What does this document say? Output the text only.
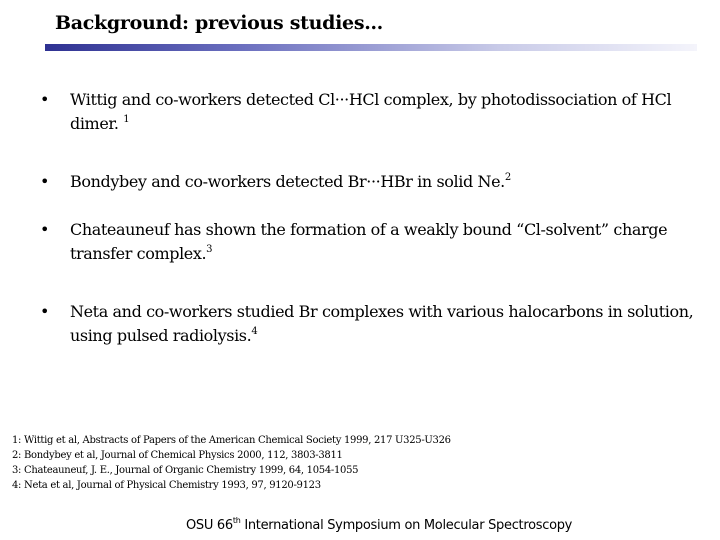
Background: previous studies…
• Wittig and co-workers detected Cl···HCl complex, by photodissociation of HCl dimer. $^1$
• Bondybey and co-workers detected Br···HBr in solid Ne.$^2$
• Chateauneuf has shown the formation of a weakly bound “Cl-solvent” charge transfer complex.$^3$
• Neta and co-workers studied Br complexes with various halocarbons in solution, using pulsed radiolysis.$^4$
1: Wittig et al, Abstracts of Papers of the American Chemical Society 1999, 217 U325-U326
2: Bondybey et al, Journal of Chemical Physics 2000, 112, 3803-3811
3: Chateauneuf, J. E., Journal of Organic Chemistry 1999, 64, 1054-1055
4: Neta et al, Journal of Physical Chemistry 1993, 97, 9120-9123
OSU 66th International Symposium on Molecular Spectroscopy
